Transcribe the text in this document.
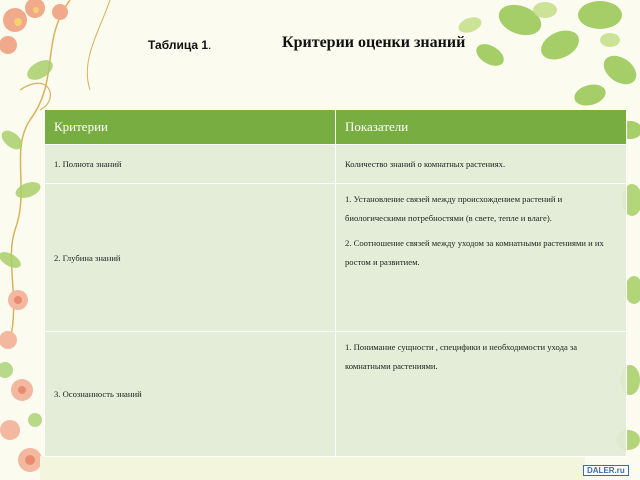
Таблица 1.	Критерии оценки знаний
Критерии	Показатели
1. Полнота знаний	Количество знаний о комнатных растениях.
2. Глубина знаний	1. Установление связей между происхождением растений и биологическими потребностями (в свете, тепле и влаге).

2. Соотношение связей между уходом за комнатными растениями и их ростом и развитием.

3. Осознанность знаний	1. Понимание сущности , специфики и необходимости ухода за комнатными растениями.

DALER.ru
